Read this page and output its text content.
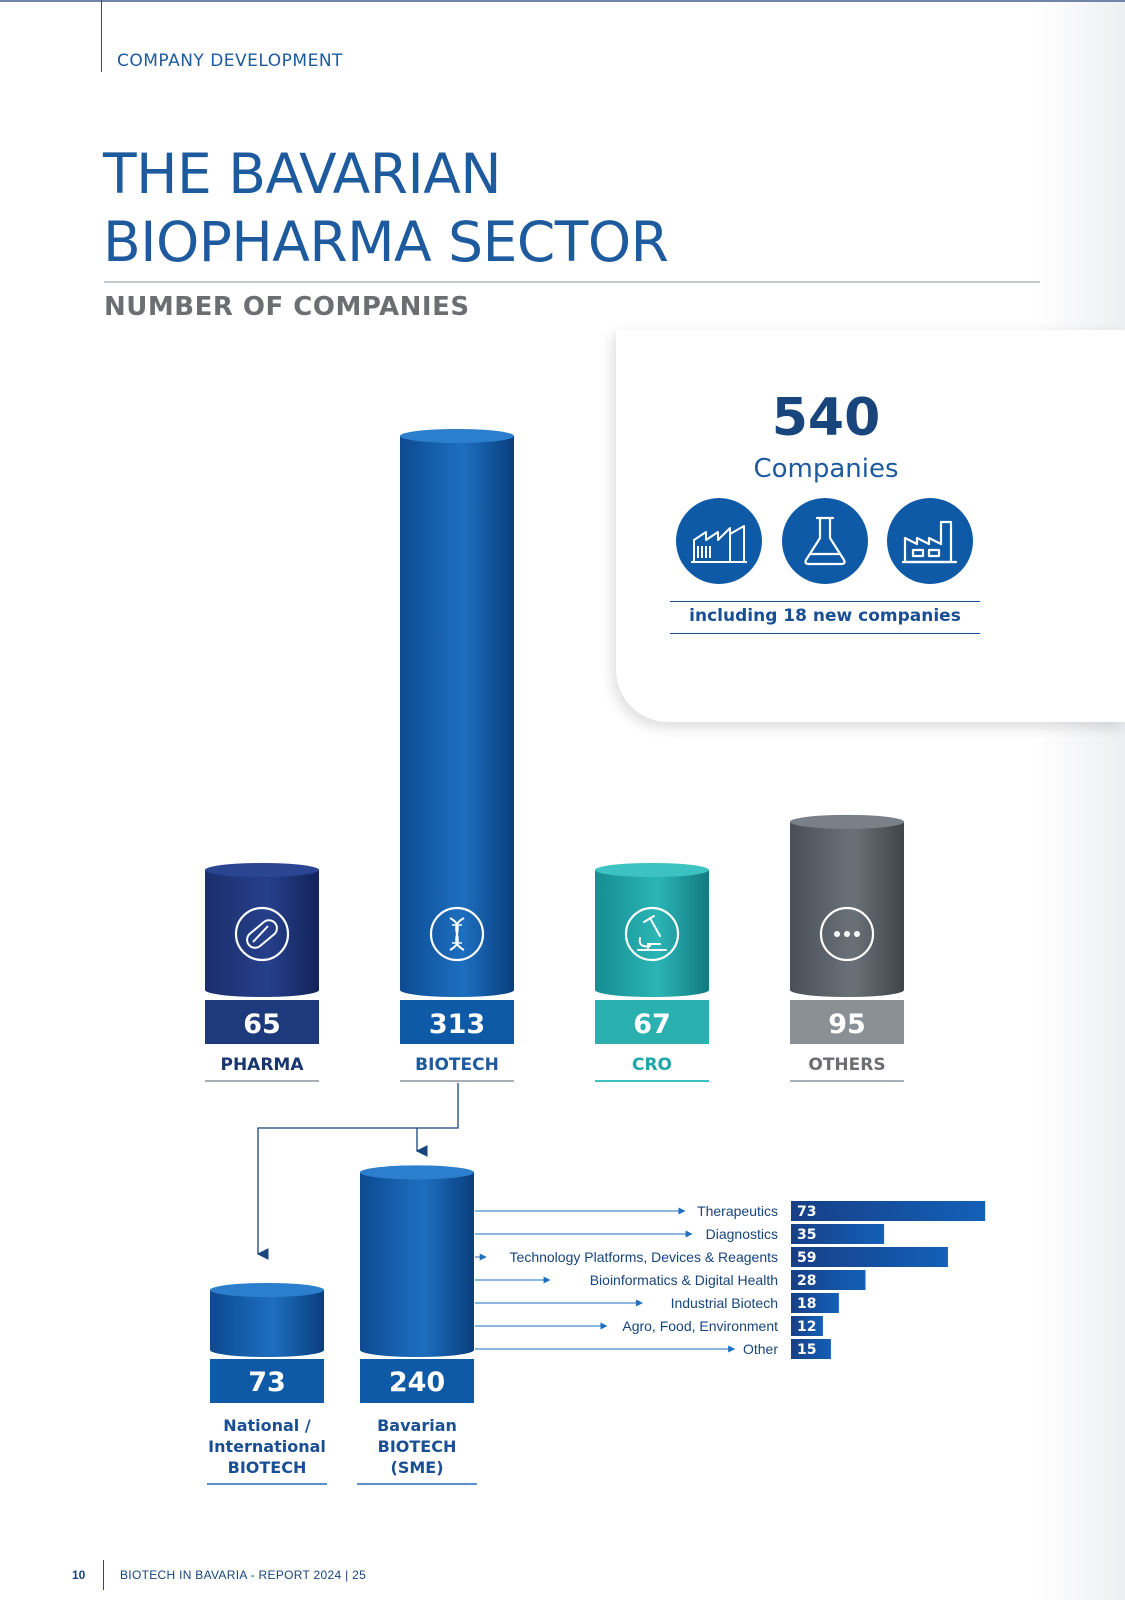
COMPANY DEVELOPMENT
THE BAVARIAN
BIOPHARMA SECTOR
NUMBER OF COMPANIES
540
Companies
including 18 new companies
65
PHARMA
313
BIOTECH
67
CRO
95
OTHERS
73
National /
International
BIOTECH
240
Bavarian
BIOTECH
(SME)
Therapeutics 73
Diagnostics 35
Technology Platforms, Devices & Reagents 59
Bioinformatics & Digital Health 28
Industrial Biotech 18
Agro, Food, Environment 12
Other 15
10	BIOTECH IN BAVARIA - REPORT 2024 | 25
